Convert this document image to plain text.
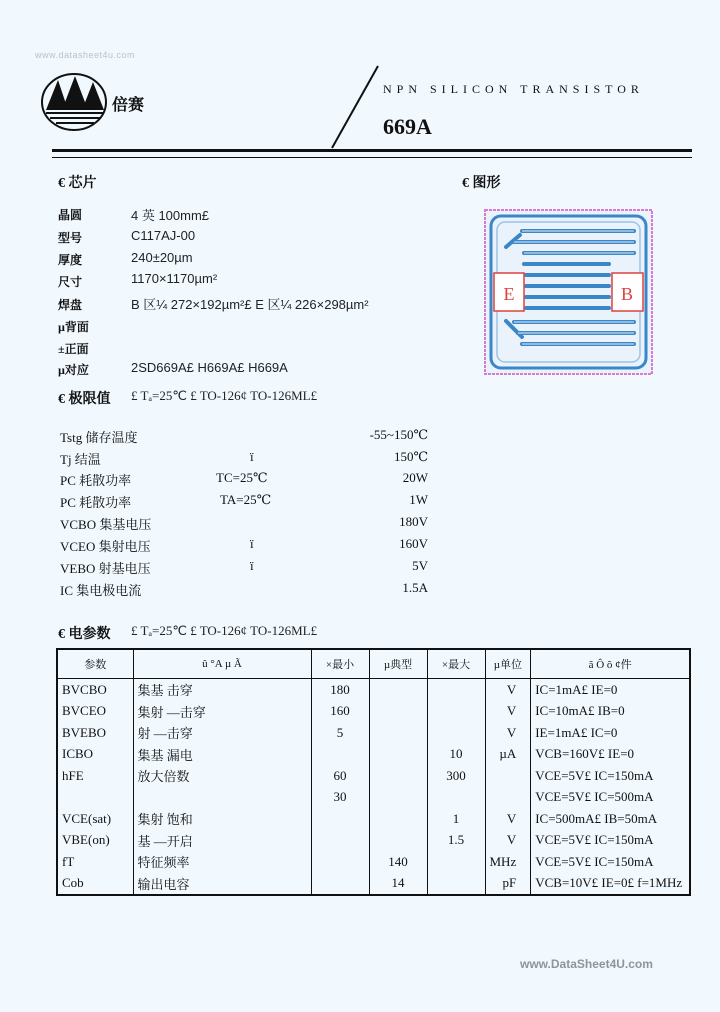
www.datasheet4u.com
倍赛
NPN SILICON TRANSISTOR
669A
€ 芯片	€ 图形
晶圆	4 英 100mm£
型号	C117AJ-00
厚度	240±20µm
尺寸	1170×1170µm²
焊盘	B 区¼ 272×192µm²£ E 区¼ 226×298µm²
µ背面
±正面
µ对应	2SD669A£ H669A£ H669A
E	B
€ 极限值 £ Tₐ=25℃ £ TO-126¢ TO-126ML£
Tstg 储存温度	-55~150℃
Tj 结温	ï	150℃
PC 耗散功率	TC=25℃	20W
PC 耗散功率	TA=25℃	1W
VCBO 集基电压	180V
VCEO 集射电压	ï	160V
VEBO 射基电压	ï	5V
IC 集电极电流	1.5A
€ 电参数 £ Tₐ=25℃ £ TO-126¢ TO-126ML£
参数	û °A µ Ã	×最小	µ典型	×最大	µ单位	ã Ô õ ¢件
BVCBO	集基 击穿	180			V	IC=1mA£ IE=0
BVCEO	集射 —击穿	160			V	IC=10mA£ IB=0
BVEBO	射 —击穿	5			V	IE=1mA£ IC=0
ICBO	集基 漏电			10	µA	VCB=160V£ IE=0
hFE	放大倍数	60		300		VCE=5V£ IC=150mA
		30				VCE=5V£ IC=500mA
VCE(sat)	集射 饱和			1	V	IC=500mA£ IB=50mA
VBE(on)	基 —开启			1.5	V	VCE=5V£ IC=150mA
fT	特征频率		140		MHz	VCE=5V£ IC=150mA
Cob	输出电容		14		pF	VCB=10V£ IE=0£ f=1MHz
www.DataSheet4U.com
